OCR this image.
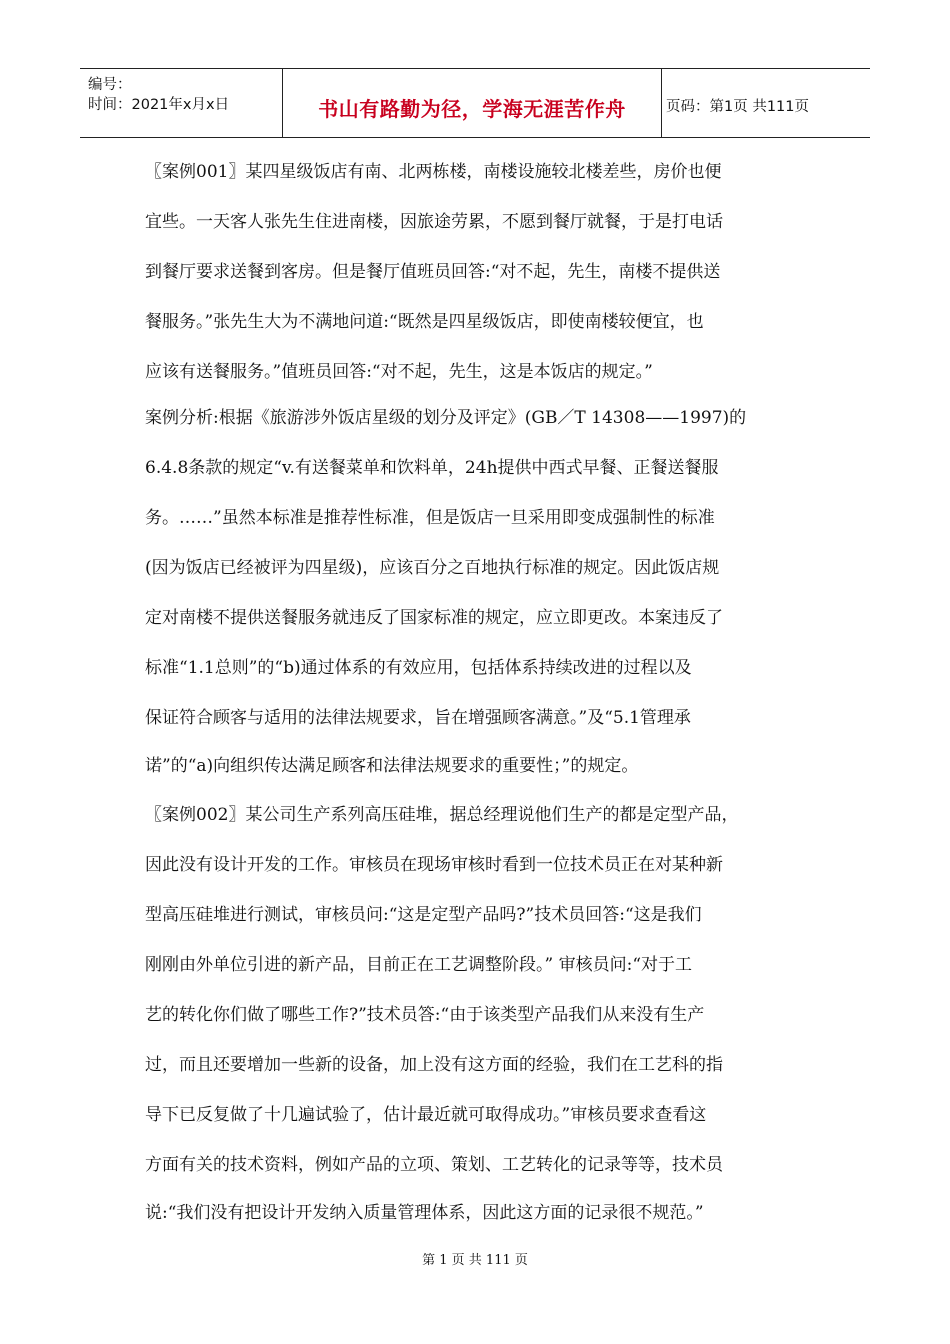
编号：
时间：2021年x月x日	书山有路勤为径，学海无涯苦作舟	页码：第1页 共111页
〖案例001〗某四星级饭店有南、北两栋楼，南楼设施较北楼差些，房价也便
宜些。一天客人张先生住进南楼，因旅途劳累，不愿到餐厅就餐，于是打电话
到餐厅要求送餐到客房。但是餐厅值班员回答:“对不起，先生，南楼不提供送
餐服务。”张先生大为不满地问道:“既然是四星级饭店，即使南楼较便宜，也
应该有送餐服务。”值班员回答:“对不起，先生，这是本饭店的规定。”
案例分析:根据《旅游涉外饭店星级的划分及评定》(GB／T 14308——1997)的
6.4.8条款的规定“v.有送餐菜单和饮料单，24h提供中西式早餐、正餐送餐服
务。……”虽然本标准是推荐性标准，但是饭店一旦采用即变成强制性的标准
(因为饭店已经被评为四星级)，应该百分之百地执行标准的规定。因此饭店规
定对南楼不提供送餐服务就违反了国家标准的规定，应立即更改。本案违反了
标准“1.1总则”的“b)通过体系的有效应用，包括体系持续改进的过程以及
保证符合顾客与适用的法律法规要求，旨在增强顾客满意。”及“5.1管理承
诺”的“a)向组织传达满足顾客和法律法规要求的重要性；”的规定。
〖案例002〗某公司生产系列高压硅堆，据总经理说他们生产的都是定型产品，
因此没有设计开发的工作。审核员在现场审核时看到一位技术员正在对某种新
型高压硅堆进行测试，审核员问:“这是定型产品吗?”技术员回答:“这是我们
刚刚由外单位引进的新产品，目前正在工艺调整阶段。” 审核员问:“对于工
艺的转化你们做了哪些工作?”技术员答:“由于该类型产品我们从来没有生产
过，而且还要增加一些新的设备，加上没有这方面的经验，我们在工艺科的指
导下已反复做了十几遍试验了，估计最近就可取得成功。”审核员要求查看这
方面有关的技术资料，例如产品的立项、策划、工艺转化的记录等等，技术员
说:“我们没有把设计开发纳入质量管理体系，因此这方面的记录很不规范。”
第 1 页 共 111 页
